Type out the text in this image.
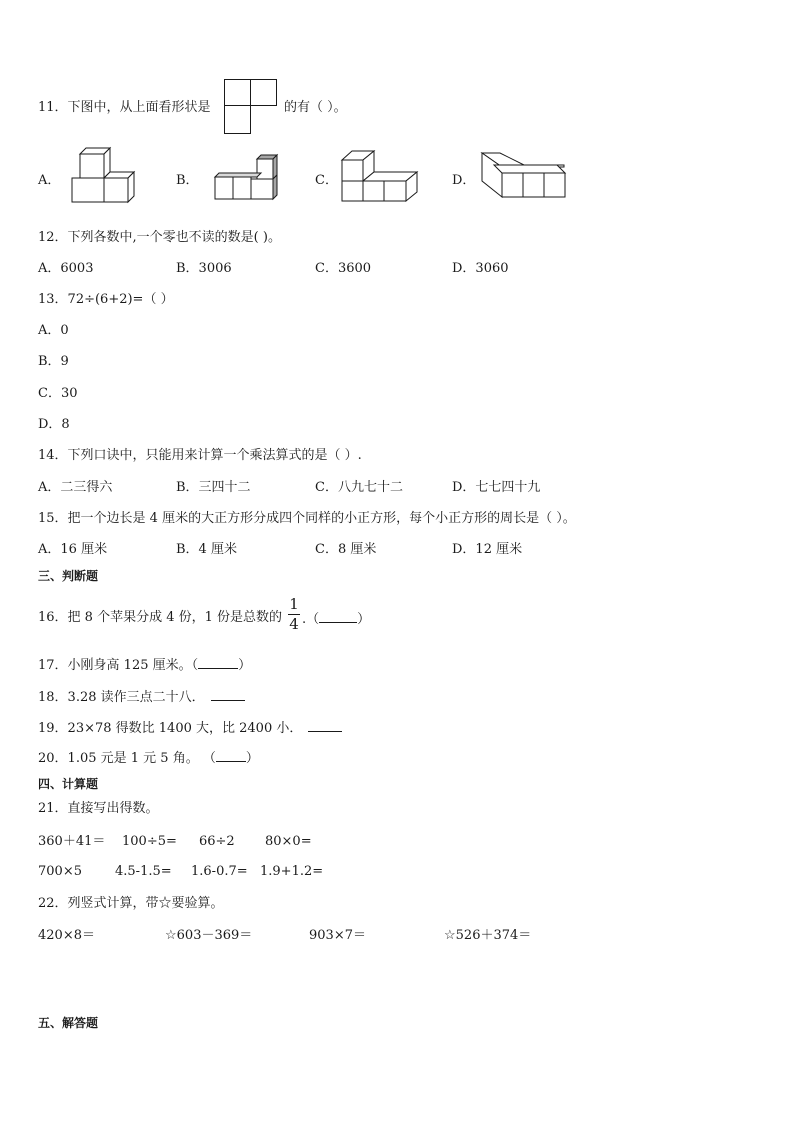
11．下图中，从上面看形状是	的有（ ）。
A．	B．	C．	D．
12．下列各数中,一个零也不读的数是( )。
A．6003	B．3006	C．3600	D．3060
13．72÷(6+2)=（ ）
A．0
B．9
C．30
D．8
14．下列口诀中，只能用来计算一个乘法算式的是（ ）.
A．二三得六	B．三四十二	C．八九七十二	D．七七四十九
15．把一个边长是 4 厘米的大正方形分成四个同样的小正方形，每个小正方形的周长是（ ）。
A．16 厘米	B．4 厘米	C．8 厘米	D．12 厘米
三、判断题
16．把 8 个苹果分成 4 份，1 份是总数的
1
4 .（	）
17．小刚身高 125 厘米。（	）
18．3.28 读作三点二十八．
19．23×78 得数比 1400 大，比 2400 小．
20．1.05 元是 1 元 5 角。 （ ）
四、计算题
21．直接写出得数。
360＋41＝ 100÷5= 66÷2 80×0=
700×5	4.5-1.5= 1.6-0.7= 1.9+1.2=
22．列竖式计算，带☆要验算。
420×8＝	☆603－369＝	903×7＝	☆526＋374＝
五、解答题
